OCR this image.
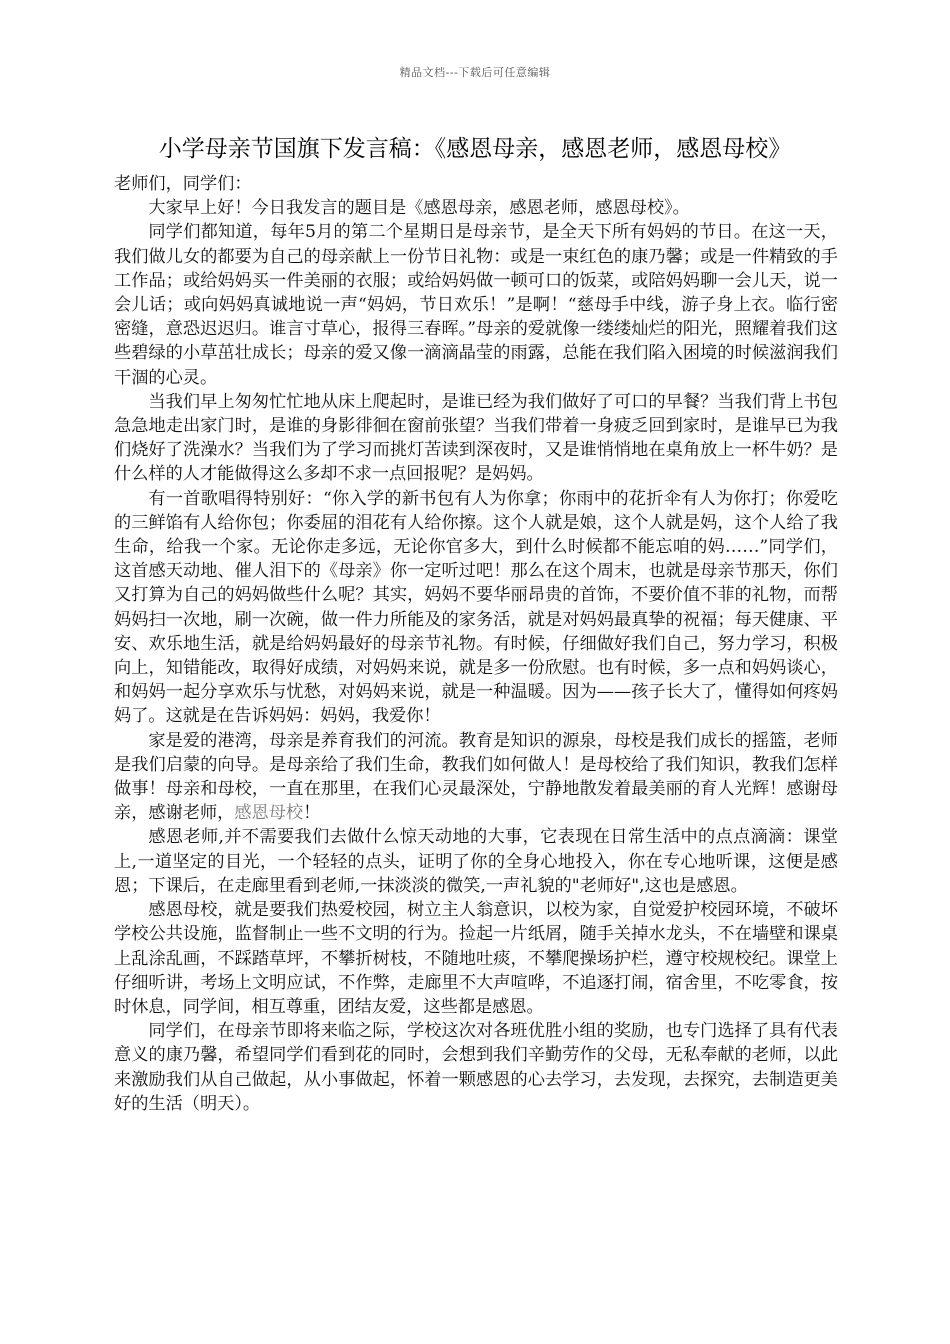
精品文档---下载后可任意编辑
小学母亲节国旗下发言稿：《感恩母亲，感恩老师，感恩母校》

老师们，同学们：

大家早上好！今日我发言的题目是《感恩母亲，感恩老师，感恩母校》。

同学们都知道，每年5月的第二个星期日是母亲节，是全天下所有妈妈的节日。在这一天，我们做儿女的都要为自己的母亲献上一份节日礼物：或是一束红色的康乃馨；或是一件精致的手工作品；或给妈妈买一件美丽的衣服；或给妈妈做一顿可口的饭菜，或陪妈妈聊一会儿天，说一会儿话；或向妈妈真诚地说一声“妈妈，节日欢乐！”是啊！“慈母手中线，游子身上衣。临行密密缝，意恐迟迟归。谁言寸草心，报得三春晖。”母亲的爱就像一缕缕灿烂的阳光，照耀着我们这些碧绿的小草茁壮成长；母亲的爱又像一滴滴晶莹的雨露，总能在我们陷入困境的时候滋润我们干涸的心灵。

当我们早上匆匆忙忙地从床上爬起时，是谁已经为我们做好了可口的早餐？当我们背上书包急急地走出家门时，是谁的身影徘徊在窗前张望？当我们带着一身疲乏回到家时，是谁早已为我们烧好了洗澡水？当我们为了学习而挑灯苦读到深夜时，又是谁悄悄地在桌角放上一杯牛奶？是什么样的人才能做得这么多却不求一点回报呢？是妈妈。

有一首歌唱得特别好：“你入学的新书包有人为你拿；你雨中的花折伞有人为你打；你爱吃的三鲜馅有人给你包；你委屈的泪花有人给你擦。这个人就是娘，这个人就是妈，这个人给了我生命，给我一个家。无论你走多远，无论你官多大，到什么时候都不能忘咱的妈……”同学们，这首感天动地、催人泪下的《母亲》你一定听过吧！那么在这个周末，也就是母亲节那天，你们又打算为自己的妈妈做些什么呢？其实，妈妈不要华丽昂贵的首饰，不要价值不菲的礼物，而帮妈妈扫一次地，刷一次碗，做一件力所能及的家务活，就是对妈妈最真挚的祝福；每天健康、平安、欢乐地生活，就是给妈妈最好的母亲节礼物。有时候，仔细做好我们自己，努力学习，积极向上，知错能改，取得好成绩，对妈妈来说，就是多一份欣慰。也有时候，多一点和妈妈谈心，和妈妈一起分享欢乐与忧愁，对妈妈来说，就是一种温暖。因为——孩子长大了，懂得如何疼妈妈了。这就是在告诉妈妈：妈妈，我爱你！

家是爱的港湾，母亲是养育我们的河流。教育是知识的源泉，母校是我们成长的摇篮，老师是我们启蒙的向导。是母亲给了我们生命，教我们如何做人！是母校给了我们知识，教我们怎样做事！母亲和母校，一直在那里，在我们心灵最深处，宁静地散发着最美丽的育人光辉！感谢母亲，感谢老师，感恩母校！

感恩老师,并不需要我们去做什么惊天动地的大事，它表现在日常生活中的点点滴滴：课堂上,一道坚定的目光，一个轻轻的点头，证明了你的全身心地投入，你在专心地听课，这便是感恩；下课后，在走廊里看到老师,一抹淡淡的微笑,一声礼貌的"老师好",这也是感恩。

感恩母校，就是要我们热爱校园，树立主人翁意识，以校为家，自觉爱护校园环境，不破坏学校公共设施，监督制止一些不文明的行为。捡起一片纸屑，随手关掉水龙头，不在墙壁和课桌上乱涂乱画，不踩踏草坪，不攀折树枝，不随地吐痰，不攀爬操场护栏，遵守校规校纪。课堂上仔细听讲，考场上文明应试，不作弊，走廊里不大声喧哗，不追逐打闹，宿舍里，不吃零食，按时休息，同学间，相互尊重，团结友爱，这些都是感恩。

同学们，在母亲节即将来临之际，学校这次对各班优胜小组的奖励，也专门选择了具有代表意义的康乃馨，希望同学们看到花的同时，会想到我们辛勤劳作的父母，无私奉献的老师，以此来激励我们从自己做起，从小事做起，怀着一颗感恩的心去学习，去发现，去探究，去制造更美好的生活（明天）。
